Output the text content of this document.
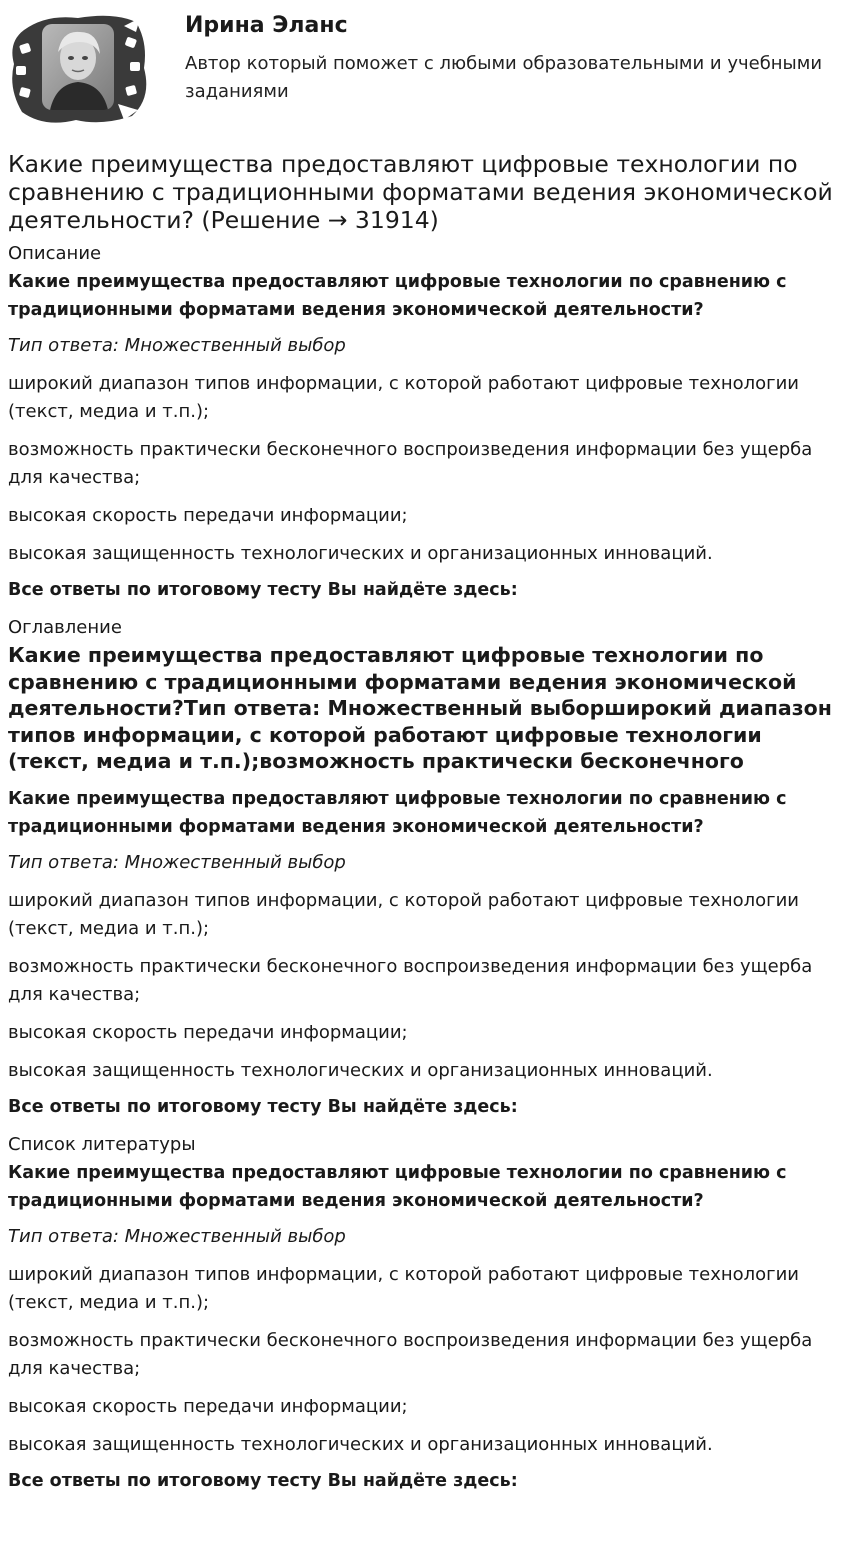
Ирина Эланс
Автор который поможет с любыми образовательными и учебными заданиями
Какие преимущества предоставляют цифровые технологии по сравнению с традиционными форматами ведения экономической деятельности? (Решение → 31914)
Описание

Какие преимущества предоставляют цифровые технологии по сравнению с традиционными форматами ведения экономической деятельности?

Тип ответа: Множественный выбор

широкий диапазон типов информации, с которой работают цифровые технологии (текст, медиа и т.п.);

возможность практически бесконечного воспроизведения информации без ущерба для качества;

высокая скорость передачи информации;

высокая защищенность технологических и организационных инноваций.

Все ответы по итоговому тесту Вы найдёте здесь:

Оглавление
Какие преимущества предоставляют цифровые технологии по сравнению с традиционными форматами ведения экономической деятельности?Тип ответа: Множественный выборширокий диапазон типов информации, с которой работают цифровые технологии (текст, медиа и т.п.);возможность практически бесконечного

Какие преимущества предоставляют цифровые технологии по сравнению с традиционными форматами ведения экономической деятельности?

Тип ответа: Множественный выбор

широкий диапазон типов информации, с которой работают цифровые технологии (текст, медиа и т.п.);

возможность практически бесконечного воспроизведения информации без ущерба для качества;

высокая скорость передачи информации;

высокая защищенность технологических и организационных инноваций.

Все ответы по итоговому тесту Вы найдёте здесь:

Список литературы

Какие преимущества предоставляют цифровые технологии по сравнению с традиционными форматами ведения экономической деятельности?

Тип ответа: Множественный выбор

широкий диапазон типов информации, с которой работают цифровые технологии (текст, медиа и т.п.);

возможность практически бесконечного воспроизведения информации без ущерба для качества;

высокая скорость передачи информации;

высокая защищенность технологических и организационных инноваций.

Все ответы по итоговому тесту Вы найдёте здесь:
